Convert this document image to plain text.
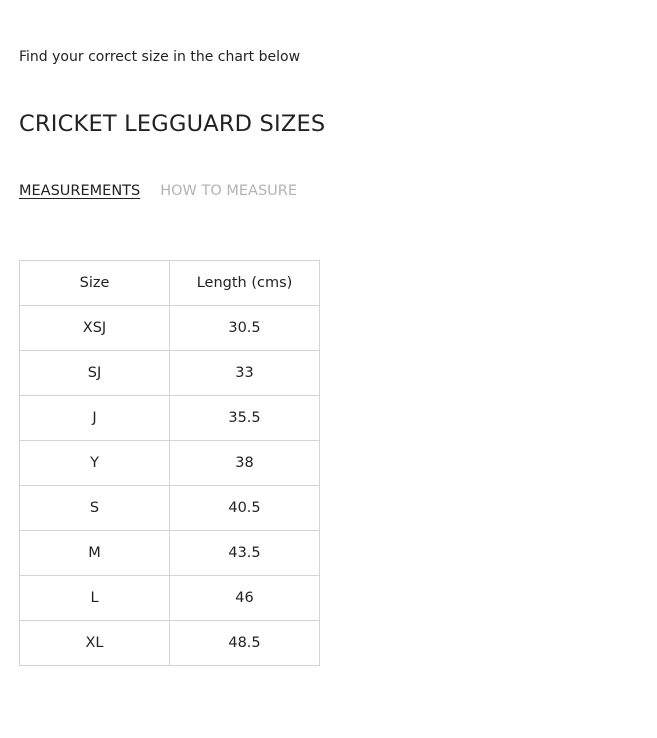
Find your correct size in the chart below
CRICKET LEGGUARD SIZES
MEASUREMENTS HOW TO MEASURE
Size	Length (cms)
XSJ	30.5
SJ	33
J	35.5
Y	38
S	40.5
M	43.5
L	46
XL	48.5
